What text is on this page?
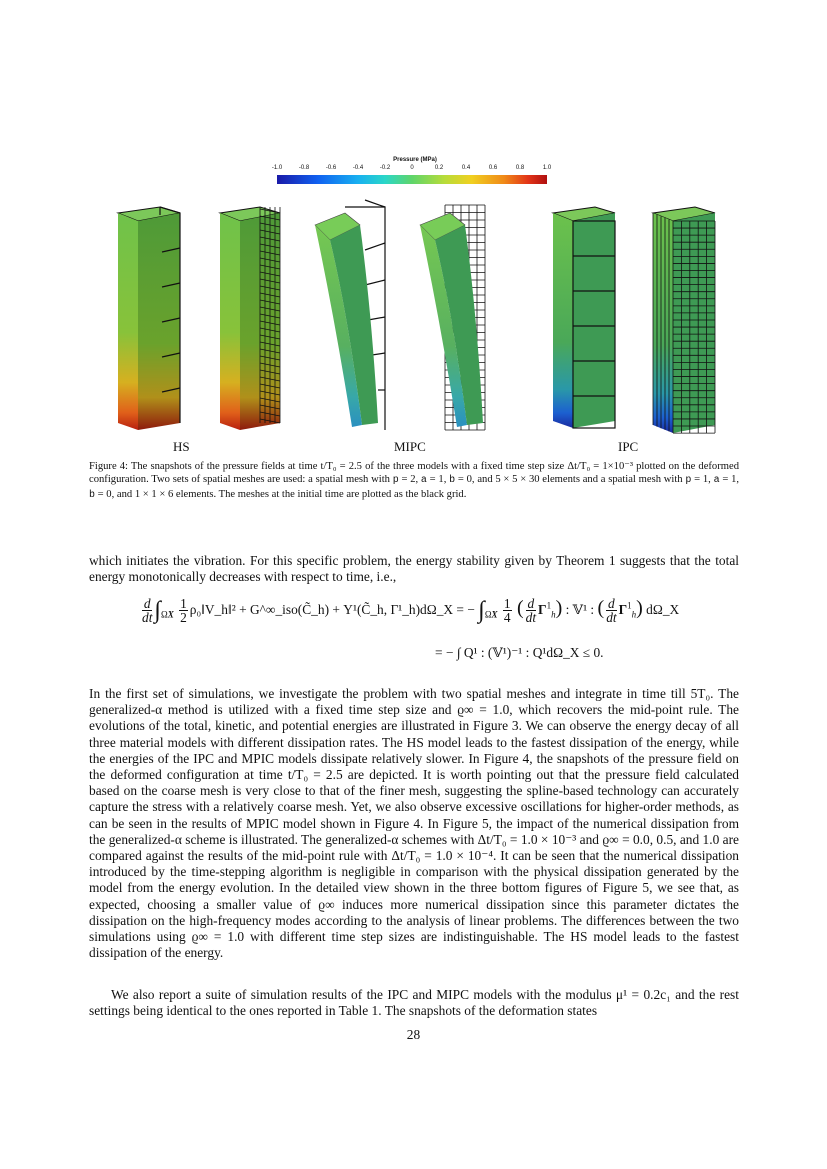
Pressure (MPa)
-1.0	-0.8	-0.6	-0.4	-0.2	0	0.2	0.4	0.6	0.8	1.0
HS	MIPC	IPC
Figure 4: The snapshots of the pressure fields at time t/T₀ = 2.5 of the three models with a fixed time step size Δt/T₀ = 1×10⁻³ plotted on the deformed configuration. Two sets of spatial meshes are used: a spatial mesh with p = 2, a = 1, b = 0, and 5 × 5 × 30 elements and a spatial mesh with p = 1, a = 1, b = 0, and 1 × 1 × 6 elements. The meshes at the initial time are plotted as the black grid.

which initiates the vibration. For this specific problem, the energy stability given by Theorem 1 suggests that the total energy monotonically decreases with respect to time, i.e.,

$\frac{d}{dt} \int_{\Omega X} \frac{1}{2}$ ρ₀‖V_h‖² + G^∞_iso(C̃_h) + Υ¹(C̃_h, Γ¹_h)dΩ_X = − $\int_{\Omega X} \frac{1}{4}$ ( $\frac{d}{dt} \Gamma^1_h$) : 𝕍¹ : ( $\frac{d}{dt} \Gamma^1_h$) dΩ_X
= − ∫ Q¹ : (𝕍¹)⁻¹ : Q¹dΩ_X ≤ 0.

In the first set of simulations, we investigate the problem with two spatial meshes and integrate in time till 5T₀. The generalized-α method is utilized with a fixed time step size and ϱ∞ = 1.0, which recovers the mid-point rule. The evolutions of the total, kinetic, and potential energies are illustrated in Figure 3. We can observe the energy decay of all three material models with different dissipation rates. The HS model leads to the fastest dissipation of the energy, while the energies of the IPC and MPIC models dissipate relatively slower. In Figure 4, the snapshots of the pressure field on the deformed configuration at time t/T₀ = 2.5 are depicted. It is worth pointing out that the pressure field calculated based on the coarse mesh is very close to that of the finer mesh, suggesting the spline-based technology can accurately capture the stress with a relatively coarse mesh. Yet, we also observe excessive oscillations for higher-order methods, as can be seen in the results of MPIC model shown in Figure 4. In Figure 5, the impact of the numerical dissipation from the generalized-α scheme is illustrated. The generalized-α schemes with Δt/T₀ = 1.0 × 10⁻³ and ϱ∞ = 0.0, 0.5, and 1.0 are compared against the results of the mid-point rule with Δt/T₀ = 1.0 × 10⁻⁴. It can be seen that the numerical dissipation introduced by the time-stepping algorithm is negligible in comparison with the physical dissipation generated by the model from the energy evolution. In the detailed view shown in the three bottom figures of Figure 5, we see that, as expected, choosing a smaller value of ϱ∞ induces more numerical dissipation since this parameter dictates the dissipation on the high-frequency modes according to the analysis of linear problems. The differences between the two simulations using ϱ∞ = 1.0 with different time step sizes are indistinguishable. The HS model leads to the fastest dissipation of the energy.

We also report a suite of simulation results of the IPC and MIPC models with the modulus μ¹ = 0.2c₁ and the rest settings being identical to the ones reported in Table 1. The snapshots of the deformation states

28
